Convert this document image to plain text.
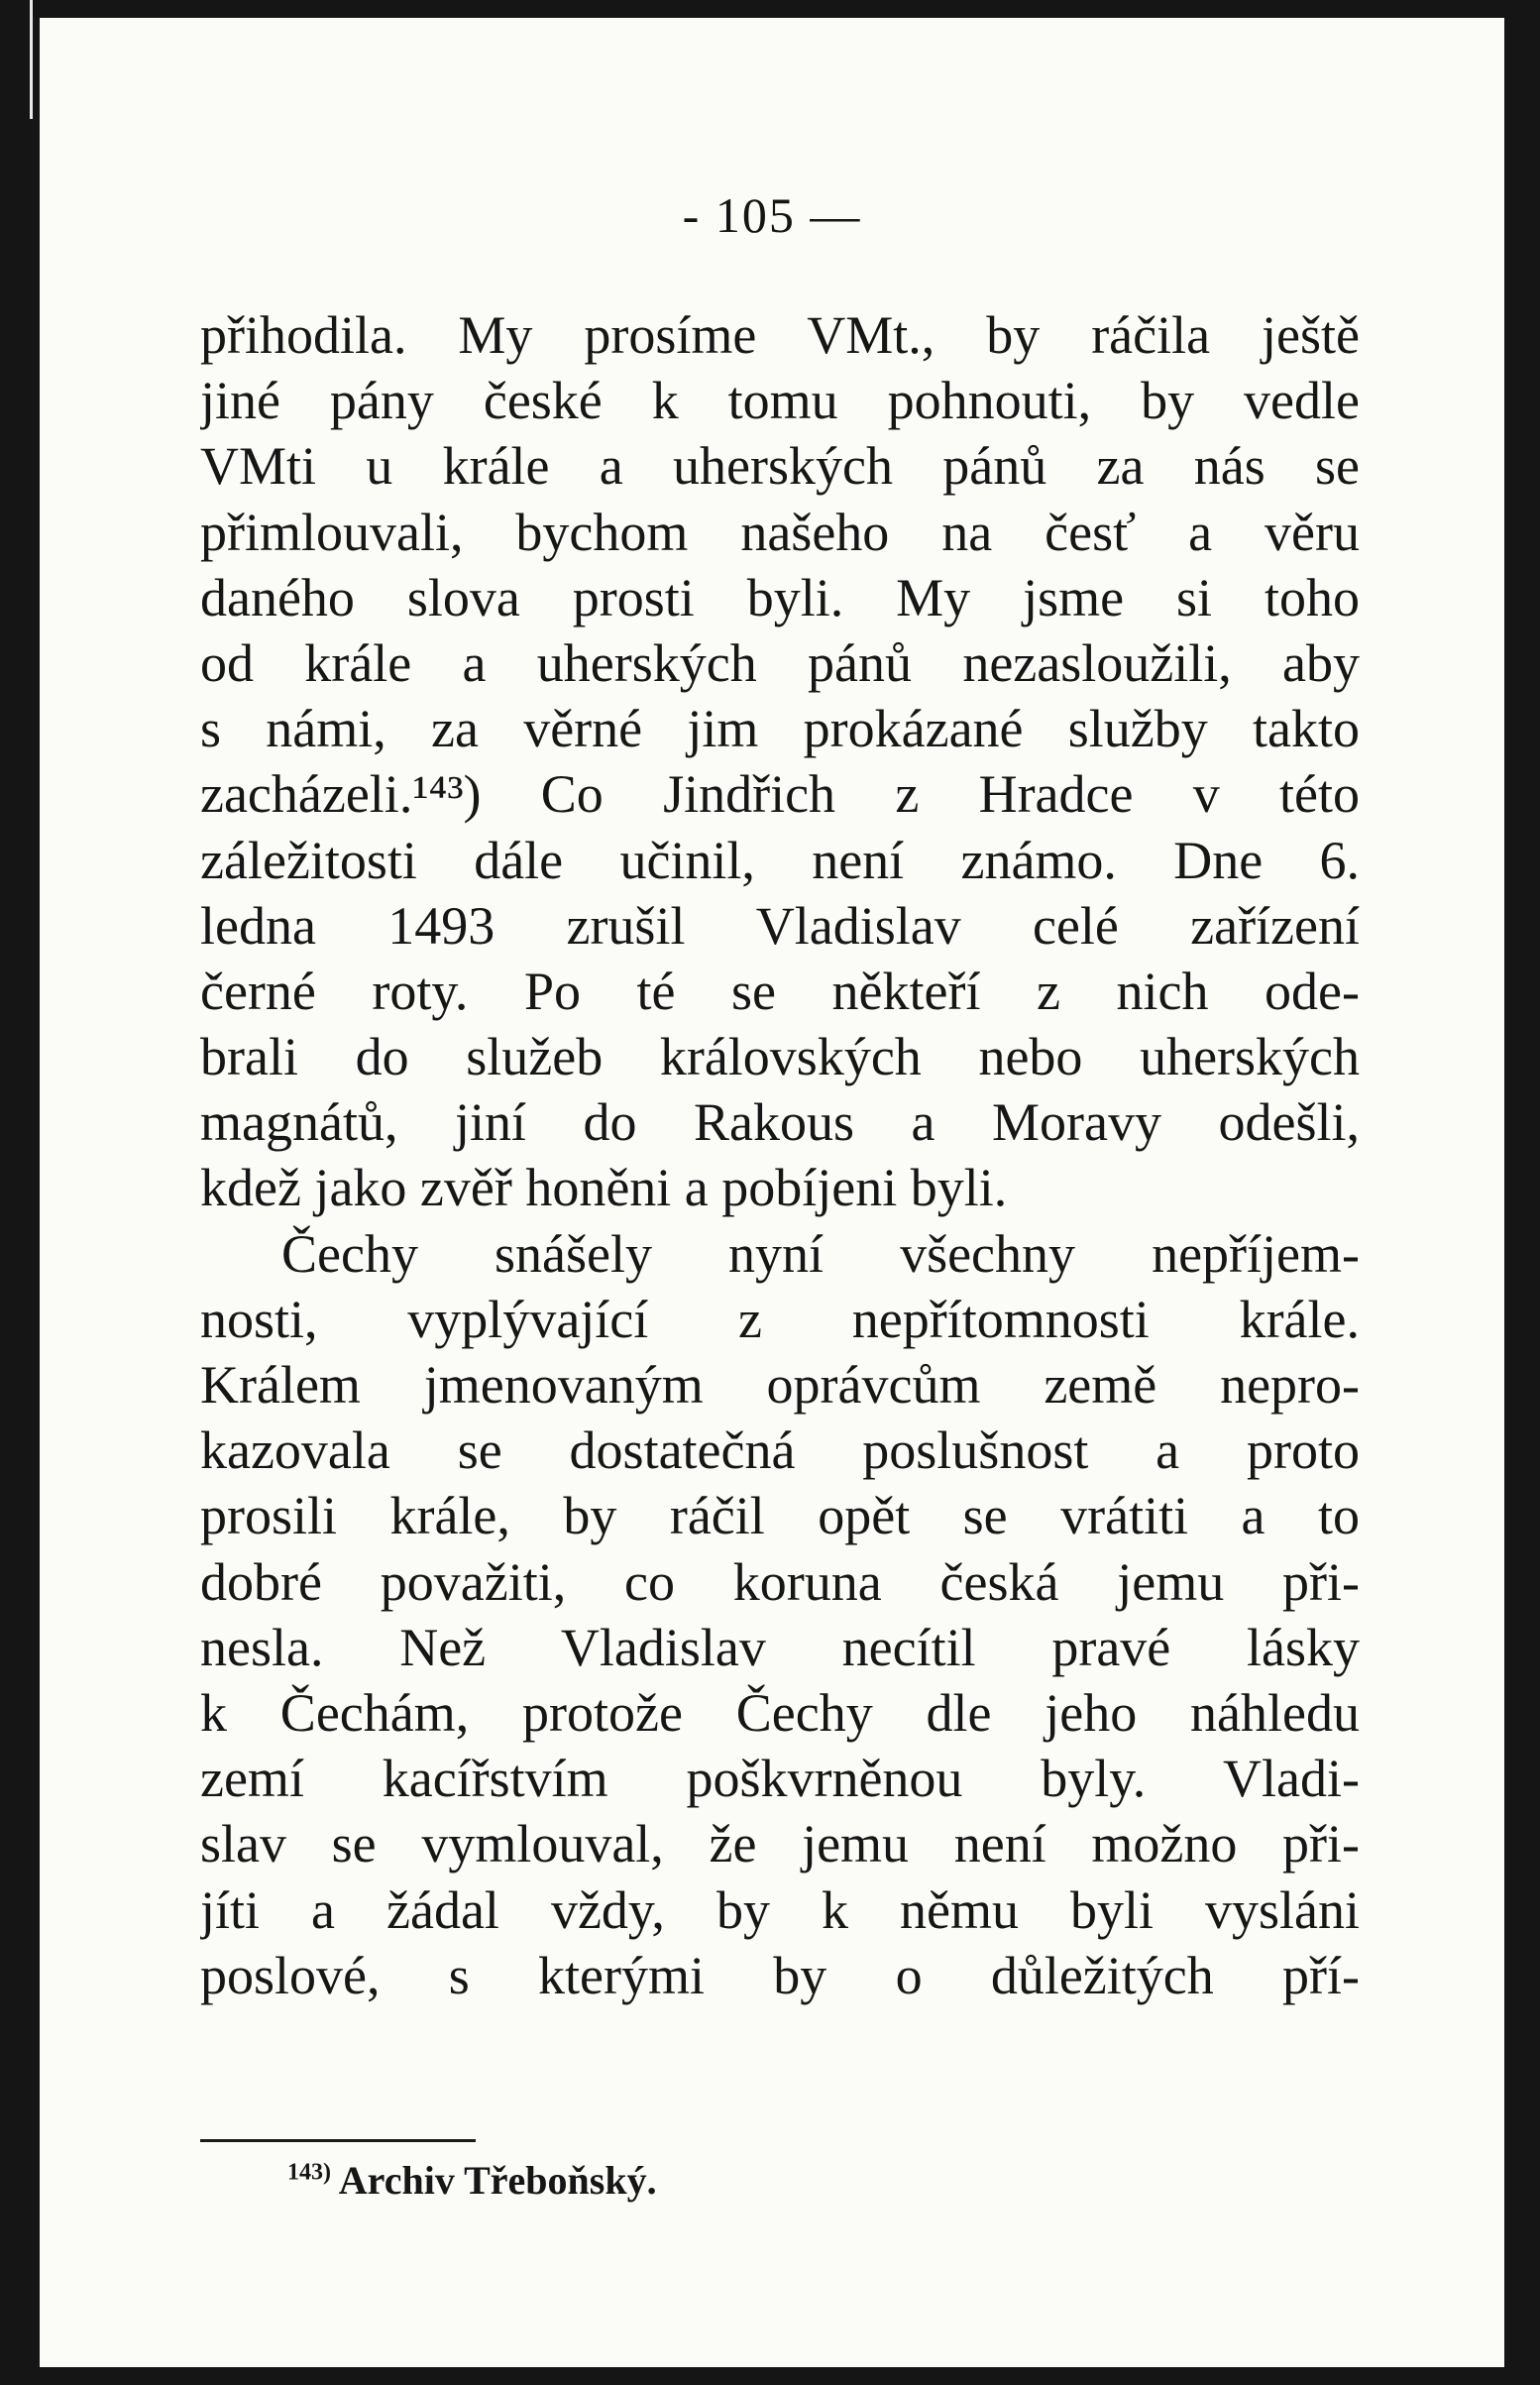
- 105 —
přihodila. My prosíme VMt., by ráčila ještě
jiné pány české k tomu pohnouti, by vedle
VMti u krále a uherských pánů za nás se
přimlouvali, bychom našeho na česť a věru
daného slova prosti byli. My jsme si toho
od krále a uherských pánů nezasloužili, aby
s námi, za věrné jim prokázané služby takto
zacházeli.¹⁴³) Co Jindřich z Hradce v této
záležitosti dále učinil, není známo. Dne 6.
ledna 1493 zrušil Vladislav celé zařízení
černé roty. Po té se někteří z nich ode-
brali do služeb královských nebo uherských
magnátů, jiní do Rakous a Moravy odešli,
kdež jako zvěř honěni a pobíjeni byli.
Čechy snášely nyní všechny nepříjem-
nosti, vyplývající z nepřítomnosti krále.
Králem jmenovaným oprávcům země nepro-
kazovala se dostatečná poslušnost a proto
prosili krále, by ráčil opět se vrátiti a to
dobré považiti, co koruna česká jemu při-
nesla. Než Vladislav necítil pravé lásky
k Čechám, protože Čechy dle jeho náhledu
zemí kacířstvím poškvrněnou byly. Vladi-
slav se vymlouval, že jemu není možno při-
jíti a žádal vždy, by k němu byli vysláni
poslové, s kterými by o důležitých pří-
$^{143)}$ Archiv Třeboňský.
